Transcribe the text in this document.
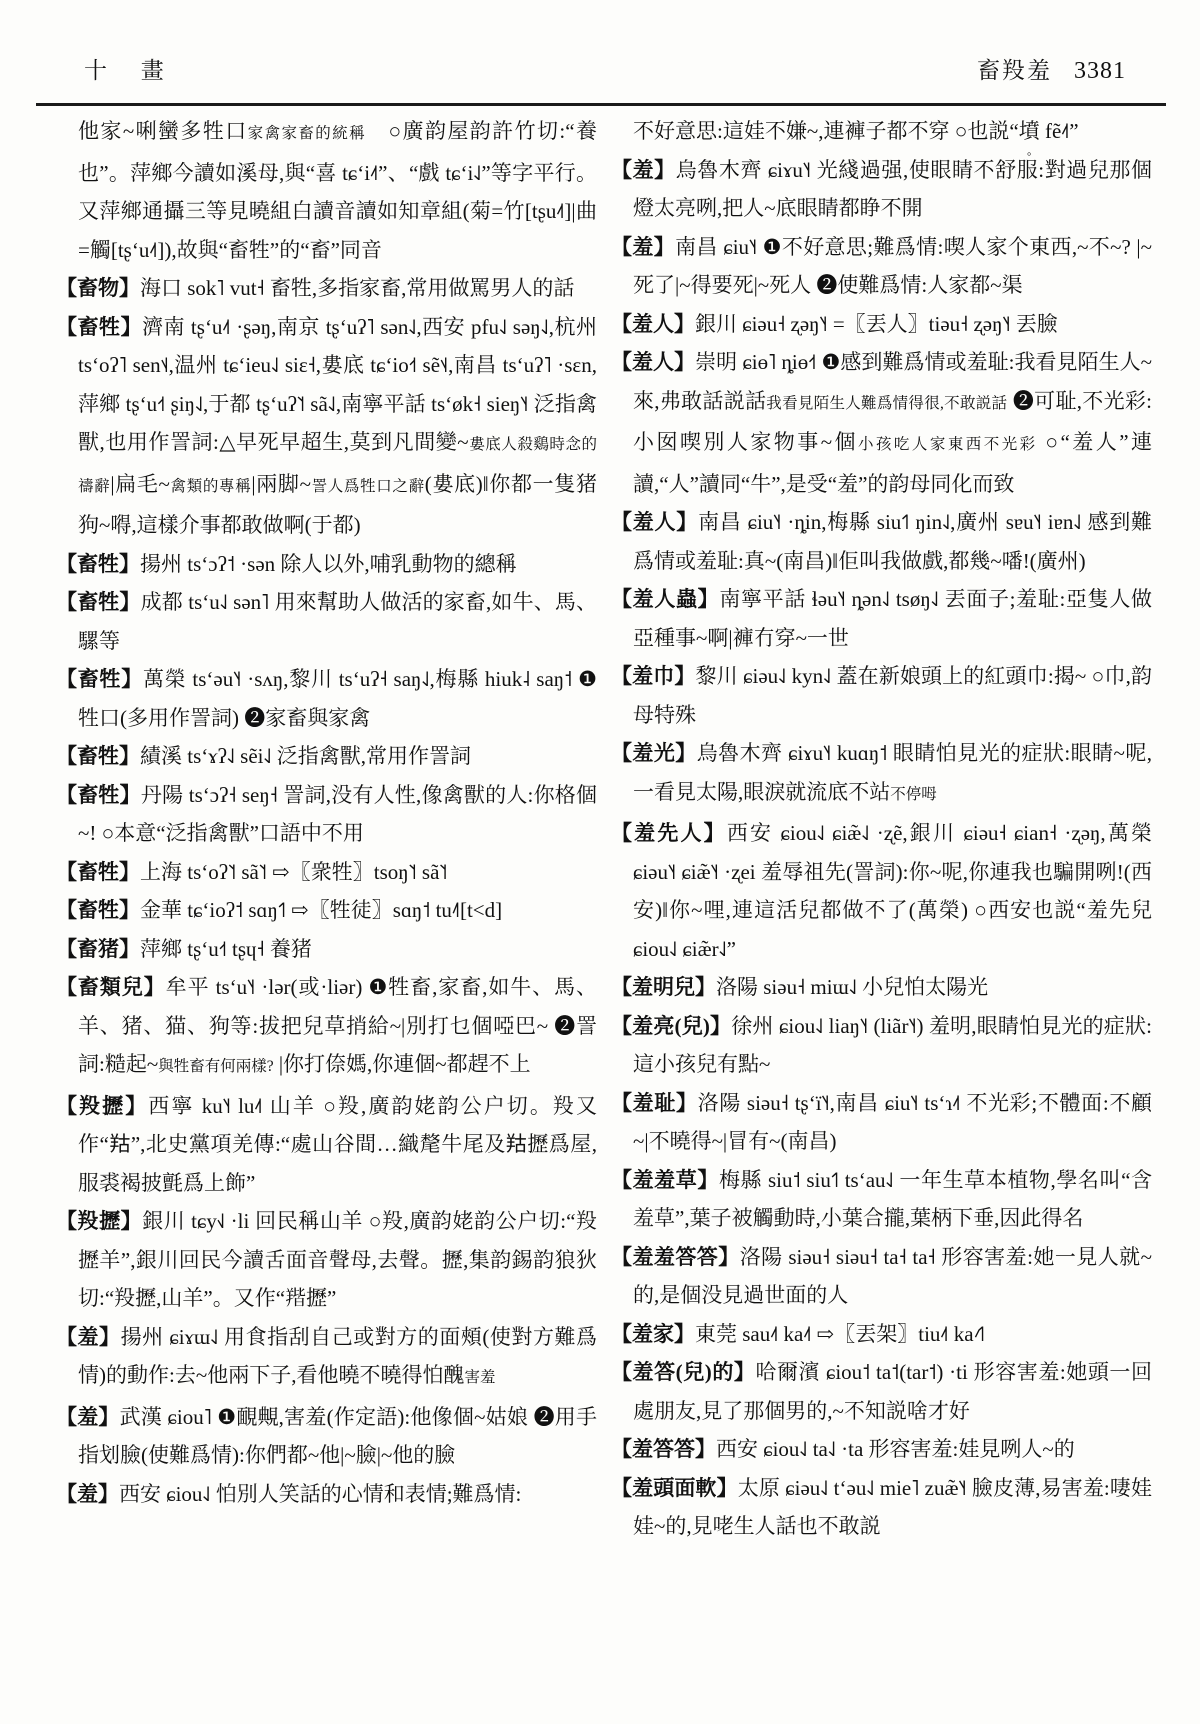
十 畫	畜羖羞 3381

他家~唎蠻多牲口家禽家畜的統稱　○廣韵屋韵許竹切:“養也”。萍鄉今讀如溪母,與“喜 tɕʻi˨˦”、“戲 tɕʻi˨˩”等字平行。又萍鄉通攝三等見曉組白讀音讀如知章組(菊=竹[tʂu˨˦]|曲=觸[tʂʻu˨˦]),故與“畜牲”的“畜”同音

【畜物】海口 sok˥ vut˧ 畜牲,多指家畜,常用做罵男人的話

【畜牲】濟南 tʂʻu˨˦ ·ʂəŋ,南京 tʂʻuʔ˥ sən˨˩,西安 pfu˨˩ səŋ˨˩,杭州 tsʻoʔ˥ sen˦˨,温州 tɕʻieu˨˩ siɛ˧,婁底 tɕʻio˧˦ sẽ˦˨,南昌 tsʻuʔ˥ ·sɛn,萍鄉 tʂʻu˧˦ ʂiŋ˨˩,于都 tʂʻuʔ˥˦ sã˨˩,南寧平話 tsʻøk˧ sieŋ˥˧ 泛指禽獸,也用作詈詞:△早死早超生,莫到凡間變~婁底人殺鷄時念的禱辭|扁毛~禽類的專稱|兩脚~詈人爲牲口之辭(婁底)‖你都一隻猪狗~嘚,這樣介事都敢做啊(于都)

【畜牲】揚州 tsʻɔʔ˦ ·sən 除人以外,哺乳動物的總稱

【畜牲】成都 tsʻu˨˩ sən˥ 用來幫助人做活的家畜,如牛、馬、騾等

【畜牲】萬榮 tsʻəu˥˧ ·sʌŋ,黎川 tsʻuʔ˧ saŋ˨˩,梅縣 hiuk˨ saŋ˦ ❶牲口(多用作詈詞) ❷家畜與家禽

【畜牲】績溪 tsʻɤʔ˨˩ sẽi˨˩ 泛指禽獸,常用作詈詞

【畜牲】丹陽 tsʻɔʔ˧ seŋ˧ 詈詞,没有人性,像禽獸的人:你格個~! ○本意“泛指禽獸”口語中不用

【畜牲】上海 tsʻoʔ˥˦ sã˥˦ ⇨〖衆牲〗tsoŋ˥˦ sã˥˦

【畜牲】金華 tɕʻioʔ˦ sɑŋ˦˥ ⇨〖牲徒〗sɑŋ˦ tu˨˥[t<d]

【畜猪】萍鄉 tʂʻu˧˦ tʂɥ˧ 養猪

【畜類兒】牟平 tsʻu˥˧ ·lər(或·liər) ❶牲畜,家畜,如牛、馬、羊、猪、猫、狗等:拔把兒草捎給~|別打乜個啞巴~ ❷詈詞:糙起~與牲畜有何兩樣? |你打倷媽,你連個~都趕不上

【羖攊】西寧 ku˥˧ lu˨˦ 山羊 ○羖,廣韵姥韵公户切。羖又作“𦍩”,北史黨項羌傳:“處山谷間…織氂牛尾及𦍩攊爲屋,服裘褐披氈爲上飾”

【羖攊】銀川 tɕy˧˩ ·li 回民稱山羊 ○羖,廣韵姥韵公户切:“羖攊羊”,銀川回民今讀舌面音聲母,去聲。攊,集韵錫韵狼狄切:“羖攊,山羊”。又作“𦎥攊”

【羞】揚州 ɕiɤɯ˨˩ 用食指刮自己或對方的面頰(使對方難爲情)的動作:去~他兩下子,看他曉不曉得怕醜害羞

【羞】武漢 ɕiou˥ ❶靦覥,害羞(作定語):他像個~姑娘 ❷用手指划臉(使難爲情):你們都~他|~臉|~他的臉

【羞】西安 ɕiou˨˩ 怕別人笑話的心情和表情;難爲情:

不好意思:這娃不嫌~,連褲子都不穿 ○也説“墳 ◦ fẽ˨˦”

【羞】烏魯木齊 ɕiɤu˥˧ 光綫過强,使眼睛不舒服:對過兒那個燈太亮咧,把人~底眼睛都睁不開

【羞】南昌 ɕiu˥˧ ❶不好意思;難爲情:喫人家个東西,~不~? |~死了|~得要死|~死人 ❷使難爲情:人家都~渠

【羞人】銀川 ɕiəu˧ ʐəŋ˥˧ =〖丟人〗tiəu˧ ʐəŋ˥˧ 丟臉

【羞人】崇明 ɕiɵ˥ ȵiɵ˧˦ ❶感到難爲情或羞耻:我看見陌生人~來,弗敢話説話我看見陌生人難爲情得很,不敢説話 ❷可耻,不光彩:小囡喫別人家物事~個小孩吃人家東西不光彩 ○“羞人”連讀,“人”讀同“牛”,是受“羞”的韵母同化而致

【羞人】南昌 ɕiu˥˧ ·ȵin,梅縣 siu˦˥ ŋin˨˩,廣州 sɐu˥˧ iɐn˨˩ 感到難爲情或羞耻:真~(南昌)‖佢叫我做戲,都幾~噃!(廣州)

【羞人蟲】南寧平話 ɬəu˥˧ ȵən˨˩ tsøŋ˨˩ 丟面子;羞耻:亞隻人做亞種事~啊|褲冇穿~一世

【羞巾】黎川 ɕiəu˨˩ kyn˨˩ 蓋在新娘頭上的紅頭巾:揭~ ○巾,韵母特殊

【羞光】烏魯木齊 ɕiɤu˥˧ kuɑŋ˦ 眼睛怕見光的症狀:眼睛~呢,一看見太陽,眼淚就流底不站不停呣

【羞先人】西安 ɕiou˨˩ ɕiæ̃˨˩ ·ʐẽ,銀川 ɕiəu˧ ɕian˧ ·ʐəŋ,萬榮 ɕiəu˥˧ ɕiæ̃˥˧ ·ʐei 羞辱祖先(詈詞):你~呢,你連我也騙開咧!(西安)‖你~哩,連這活兒都做不了(萬榮) ○西安也説“羞先兒 ɕiou˨˩ ɕiæ̃r˨˩”

【羞明兒】洛陽 siəu˧ miɯ˨˩ 小兒怕太陽光

【羞亮(兒)】徐州 ɕiou˨˩ liaŋ˥˧ (liãr˥˧) 羞明,眼睛怕見光的症狀:這小孩兒有點~

【羞耻】洛陽 siəu˧ tʂʻï˥˧,南昌 ɕiu˥˧ tsʻɿ˨˦ 不光彩;不體面:不顧~|不曉得~|冒有~(南昌)

【羞羞草】梅縣 siu˦ siu˦˥ tsʻau˨˩ 一年生草本植物,學名叫“含羞草”,葉子被觸動時,小葉合攏,葉柄下垂,因此得名

【羞羞答答】洛陽 siəu˧ siəu˧ ta˧ ta˧ 形容害羞:她一見人就~的,是個没見過世面的人

【羞家】東莞 sau˨˦ ka˨˦ ⇨〖丟架〗tiu˨˦ ka˨˦˥

【羞答(兒)的】哈爾濱 ɕiou˦ ta˦(tar˦) ·ti 形容害羞:她頭一回處朋友,見了那個男的,~不知説啥才好

【羞答答】西安 ɕiou˨˩ ta˨˩ ·ta 形容害羞:娃見咧人~的

【羞頭面軟】太原 ɕiəu˨˩ tʻəu˨˩ mie˥ zuæ̃˥˧ 臉皮薄,易害羞:啛娃娃~的,見咾生人話也不敢説
